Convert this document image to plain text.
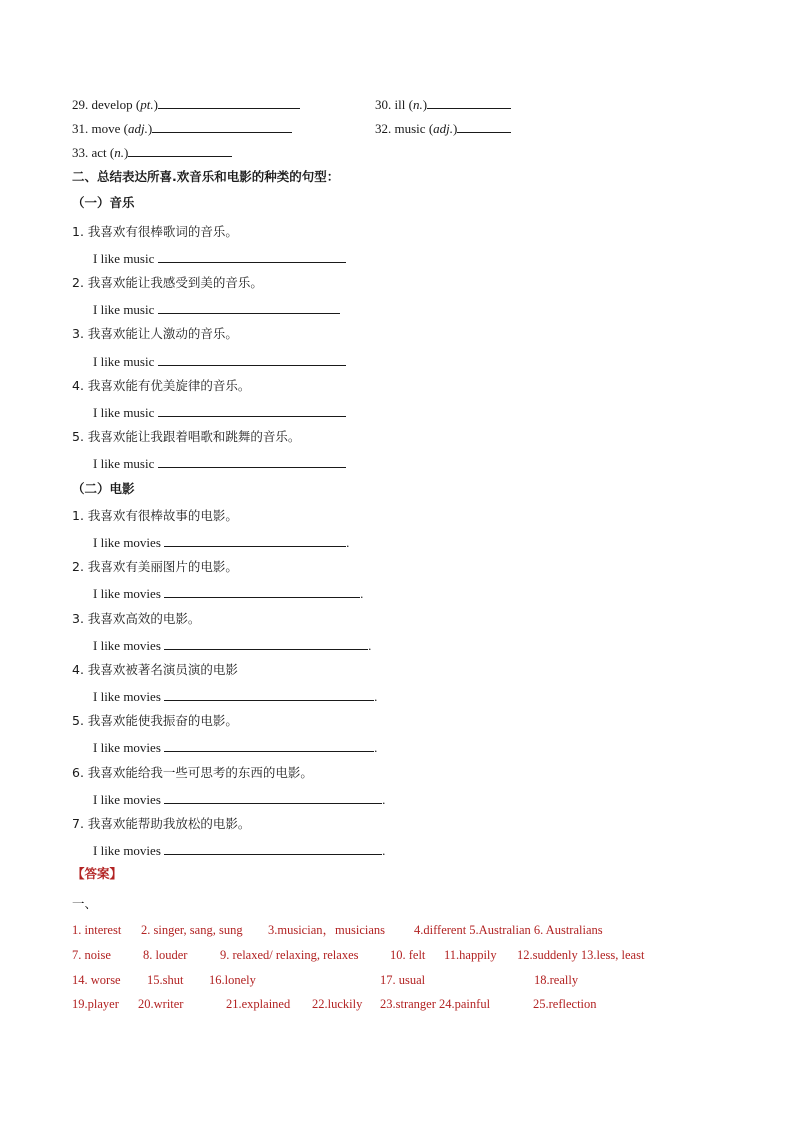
29. develop (pt.)	30. ill (n.)
31. move (adj.)	32. music (adj.)
33. act (n.)
二、总结表达所喜.欢音乐和电影的种类的句型：
（一）音乐
1. 我喜欢有很棒歌词的音乐。
I like music
2. 我喜欢能让我感受到美的音乐。
I like music
3. 我喜欢能让人激动的音乐。
I like music
4. 我喜欢能有优美旋律的音乐。
I like music
5. 我喜欢能让我跟着唱歌和跳舞的音乐。
I like music
（二）电影
1. 我喜欢有很棒故事的电影。
I like movies	.
2. 我喜欢有美丽图片的电影。
I like movies	.
3. 我喜欢高效的电影。
I like movies	.
4. 我喜欢被著名演员演的电影
I like movies	.
5. 我喜欢能使我振奋的电影。
I like movies	.
6. 我喜欢能给我一些可思考的东西的电影。
I like movies	.
7. 我喜欢能帮助我放松的电影。
I like movies	.
【答案】
一、
1. interest 2. singer, sang, sung 3.musician，musicians 4.different 5.Australian 6. Australians
7. noise	8. louder	9. relaxed/ relaxing, relaxes	10. felt 11.happily 12.suddenly 13.less, least
14. worse 15.shut 16.lonely	17. usual	18.really
19.player 20.writer	21.explained 22.luckily 23.stranger 24.painful	25.reflection
